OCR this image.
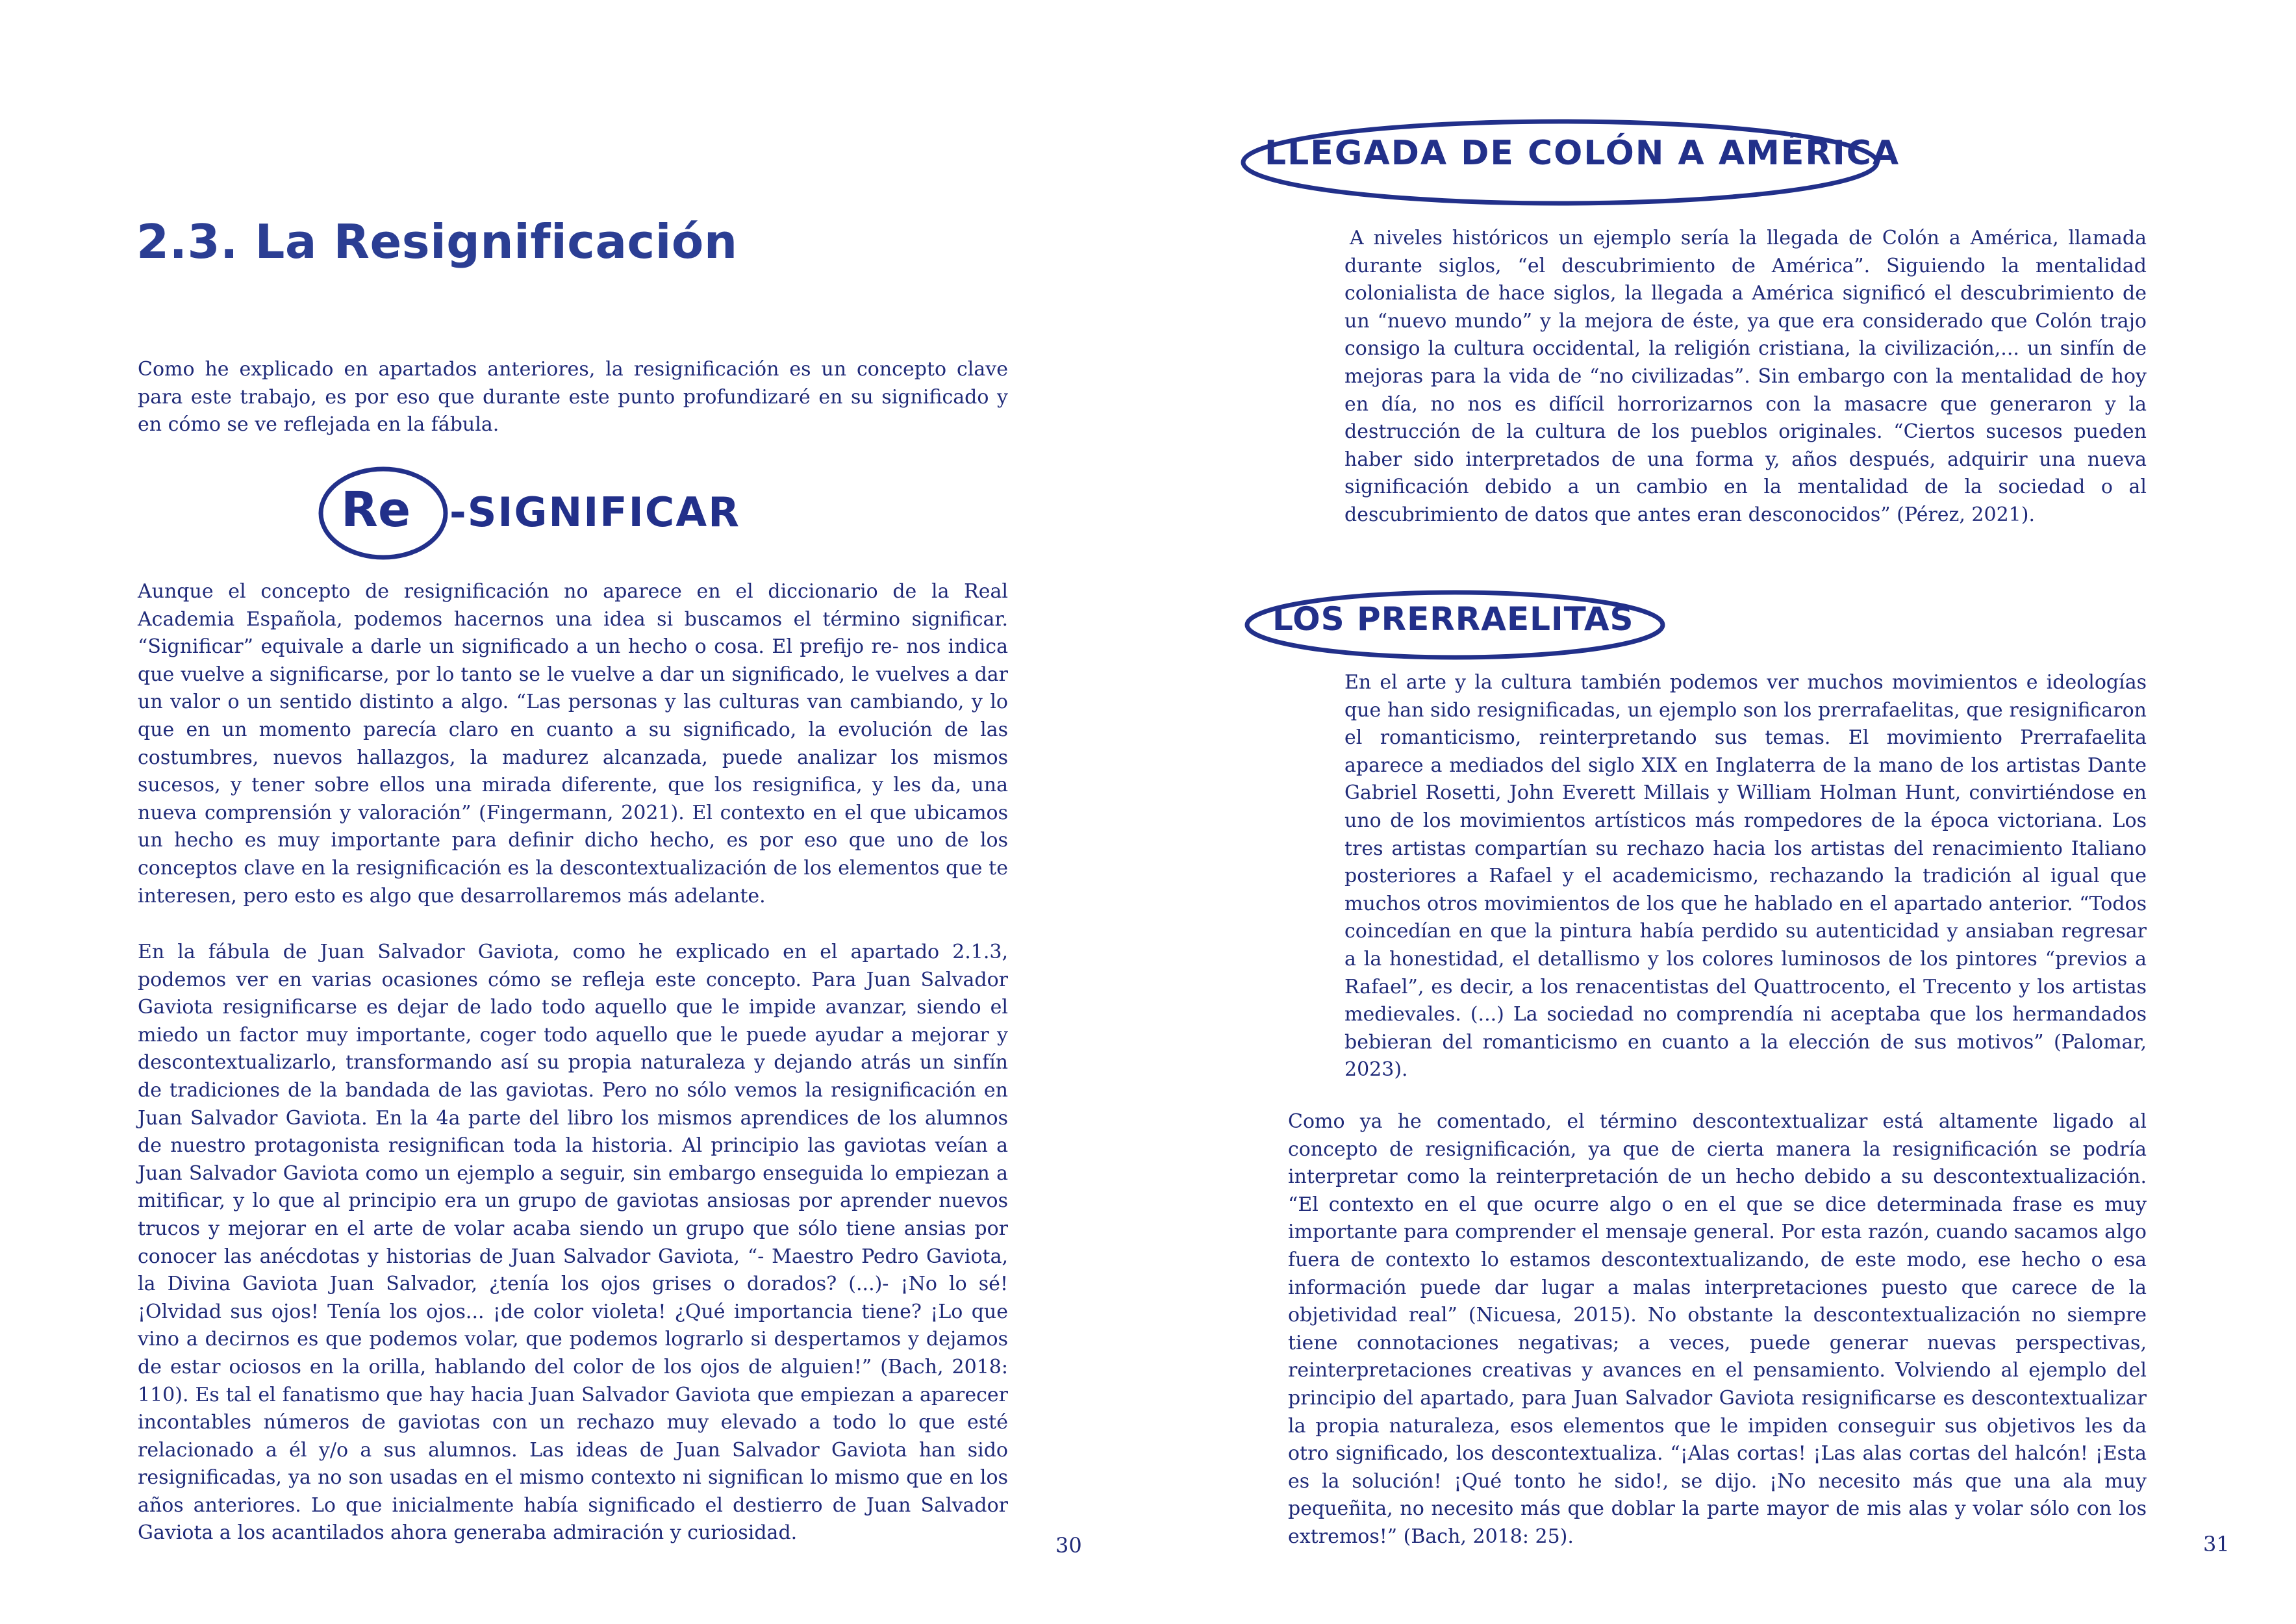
2.3. La Resignificación

Como he explicado en apartados anteriores, la resignificación es un concepto clave para este trabajo, es por eso que durante este punto profundizaré en su significado y en cómo se ve reflejada en la fábula.

Re -SIGNIFICAR

Aunque el concepto de resignificación no aparece en el diccionario de la Real Academia Española, podemos hacernos una idea si buscamos el término significar. “Significar” equivale a darle un significado a un hecho o cosa. El prefijo re- nos indica que vuelve a significarse, por lo tanto se le vuelve a dar un significado, le vuelves a dar un valor o un sentido distinto a algo. “Las personas y las culturas van cambiando, y lo que en un momento parecía claro en cuanto a su significado, la evolución de las costumbres, nuevos hallazgos, la madurez alcanzada, puede analizar los mismos sucesos, y tener sobre ellos una mirada diferente, que los resignifica, y les da, una nueva comprensión y valoración” (Fingermann, 2021). El contexto en el que ubicamos un hecho es muy importante para definir dicho hecho, es por eso que uno de los conceptos clave en la resignificación es la descontextualización de los elementos que te interesen, pero esto es algo que desarrollaremos más adelante.

En la fábula de Juan Salvador Gaviota, como he explicado en el apartado 2.1.3, podemos ver en varias ocasiones cómo se refleja este concepto. Para Juan Salvador Gaviota resignificarse es dejar de lado todo aquello que le impide avanzar, siendo el miedo un factor muy importante, coger todo aquello que le puede ayudar a mejorar y descontextualizarlo, transformando así su propia naturaleza y dejando atrás un sinfín de tradiciones de la bandada de las gaviotas. Pero no sólo vemos la resignificación en Juan Salvador Gaviota. En la 4a parte del libro los mismos aprendices de los alumnos de nuestro protagonista resignifican toda la historia. Al principio las gaviotas veían a Juan Salvador Gaviota como un ejemplo a seguir, sin embargo enseguida lo empiezan a mitificar, y lo que al principio era un grupo de gaviotas ansiosas por aprender nuevos trucos y mejorar en el arte de volar acaba siendo un grupo que sólo tiene ansias por conocer las anécdotas y historias de Juan Salvador Gaviota, “- Maestro Pedro Gaviota, la Divina Gaviota Juan Salvador, ¿tenía los ojos grises o dorados? (...)- ¡No lo sé! ¡Olvidad sus ojos! Tenía los ojos... ¡de color violeta! ¿Qué importancia tiene? ¡Lo que vino a decirnos es que podemos volar, que podemos lograrlo si despertamos y dejamos de estar ociosos en la orilla, hablando del color de los ojos de alguien!” (Bach, 2018: 110). Es tal el fanatismo que hay hacia Juan Salvador Gaviota que empiezan a aparecer incontables números de gaviotas con un rechazo muy elevado a todo lo que esté relacionado a él y/o a sus alumnos. Las ideas de Juan Salvador Gaviota han sido resignificadas, ya no son usadas en el mismo contexto ni significan lo mismo que en los años anteriores. Lo que inicialmente había significado el destierro de Juan Salvador Gaviota a los acantilados ahora generaba admiración y curiosidad.

30
LLEGADA DE COLÓN A AMÉRICA

A niveles históricos un ejemplo sería la llegada de Colón a América, llamada durante siglos, “el descubrimiento de América”. Siguiendo la mentalidad colonialista de hace siglos, la llegada a América significó el descubrimiento de un “nuevo mundo” y la mejora de éste, ya que era considerado que Colón trajo consigo la cultura occidental, la religión cristiana, la civilización,... un sinfín de mejoras para la vida de “no civilizadas”. Sin embargo con la mentalidad de hoy en día, no nos es difícil horrorizarnos con la masacre que generaron y la destrucción de la cultura de los pueblos originales. “Ciertos sucesos pueden haber sido interpretados de una forma y, años después, adquirir una nueva significación debido a un cambio en la mentalidad de la sociedad o al descubrimiento de datos que antes eran desconocidos” (Pérez, 2021).

LOS PRERRAELITAS

En el arte y la cultura también podemos ver muchos movimientos e ideologías que han sido resignificadas, un ejemplo son los prerrafaelitas, que resignificaron el romanticismo, reinterpretando sus temas. El movimiento Prerrafaelita aparece a mediados del siglo XIX en Inglaterra de la mano de los artistas Dante Gabriel Rosetti, John Everett Millais y William Holman Hunt, convirtiéndose en uno de los movimientos artísticos más rompedores de la época victoriana. Los tres artistas compartían su rechazo hacia los artistas del renacimiento Italiano posteriores a Rafael y el academicismo, rechazando la tradición al igual que muchos otros movimientos de los que he hablado en el apartado anterior. “Todos coincedían en que la pintura había perdido su autenticidad y ansiaban regresar a la honestidad, el detallismo y los colores luminosos de los pintores “previos a Rafael”, es decir, a los renacentistas del Quattrocento, el Trecento y los artistas medievales. (...) La sociedad no comprendía ni aceptaba que los hermandados bebieran del romanticismo en cuanto a la elección de sus motivos” (Palomar, 2023).

Como ya he comentado, el término descontextualizar está altamente ligado al concepto de resignificación, ya que de cierta manera la resignificación se podría interpretar como la reinterpretación de un hecho debido a su descontextualización. “El contexto en el que ocurre algo o en el que se dice determinada frase es muy importante para comprender el mensaje general. Por esta razón, cuando sacamos algo fuera de contexto lo estamos descontextualizando, de este modo, ese hecho o esa información puede dar lugar a malas interpretaciones puesto que carece de la objetividad real” (Nicuesa, 2015). No obstante la descontextualización no siempre tiene connotaciones negativas; a veces, puede generar nuevas perspectivas, reinterpretaciones creativas y avances en el pensamiento. Volviendo al ejemplo del principio del apartado, para Juan Salvador Gaviota resignificarse es descontextualizar la propia naturaleza, esos elementos que le impiden conseguir sus objetivos les da otro significado, los descontextualiza. “¡Alas cortas! ¡Las alas cortas del halcón! ¡Esta es la solución! ¡Qué tonto he sido!, se dijo. ¡No necesito más que una ala muy pequeñita, no necesito más que doblar la parte mayor de mis alas y volar sólo con los extremos!” (Bach, 2018: 25).	31
